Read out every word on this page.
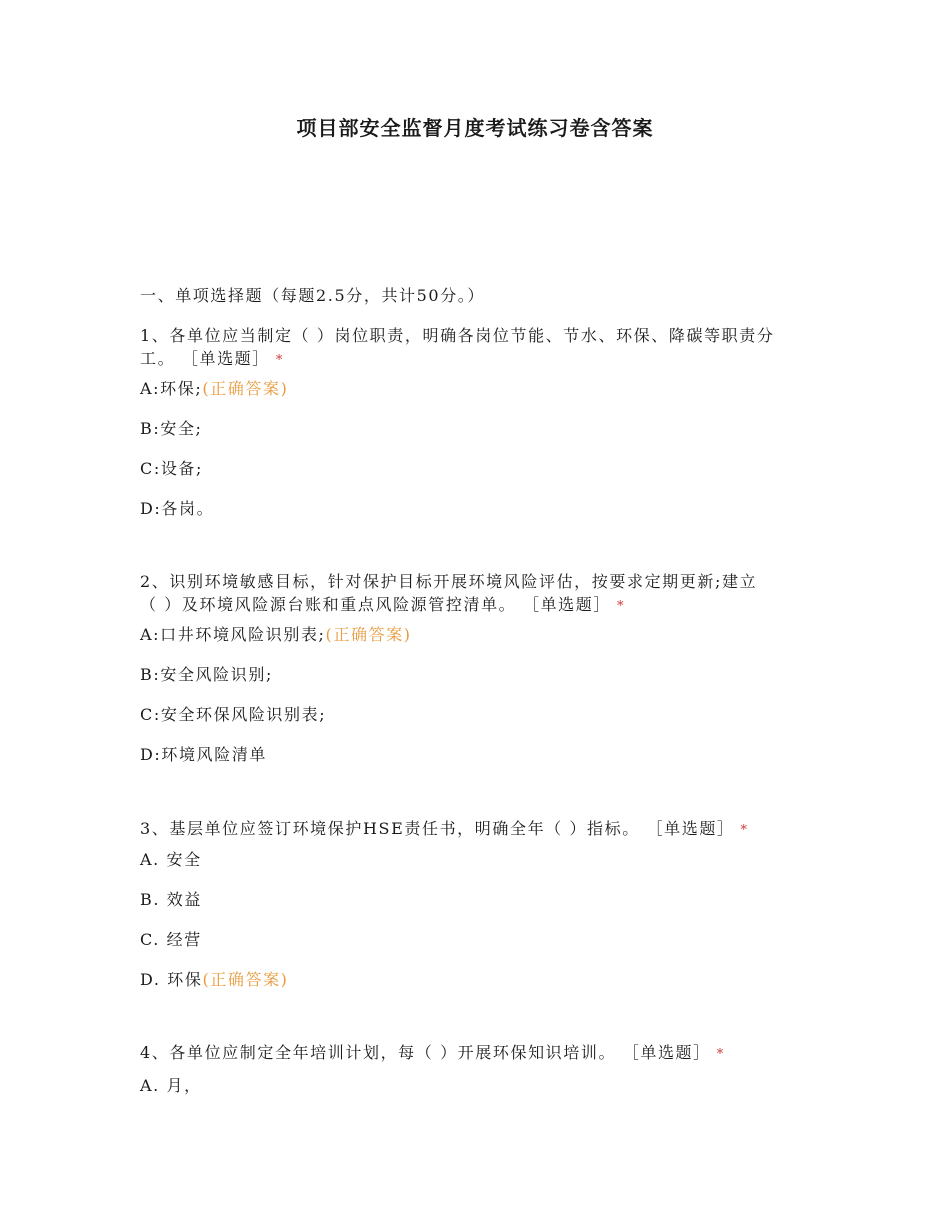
项目部安全监督月度考试练习卷含答案
一、单项选择题（每题2.5分，共计50分。）
1、各单位应当制定（ ）岗位职责，明确各岗位节能、节水、环保、降碳等职责分
工。 ［单选题］ *
A:环保;(正确答案)
B:安全;
C:设备;
D:各岗。
2、识别环境敏感目标，针对保护目标开展环境风险评估，按要求定期更新;建立
（ ）及环境风险源台账和重点风险源管控清单。 ［单选题］ *
A:口井环境风险识别表;(正确答案)
B:安全风险识别;
C:安全环保风险识别表;
D:环境风险清单
3、基层单位应签订环境保护HSE责任书，明确全年（ ）指标。 ［单选题］ *
A. 安全
B. 效益
C. 经营
D. 环保(正确答案)
4、各单位应制定全年培训计划，每（ ）开展环保知识培训。 ［单选题］ *
A. 月，
